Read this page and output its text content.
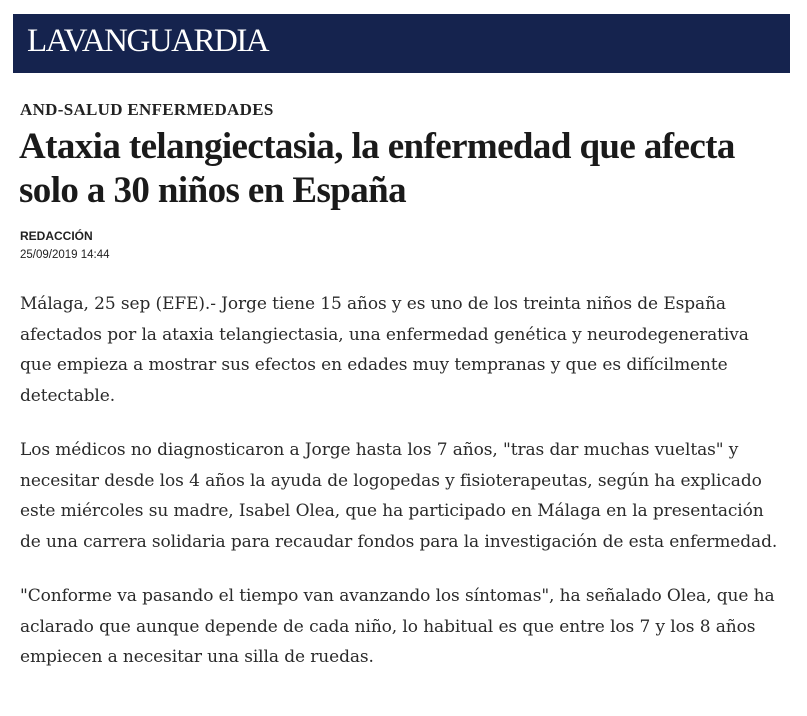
LAVANGUARDIA
AND-SALUD ENFERMEDADES
Ataxia telangiectasia, la enfermedad que afecta solo a 30 niños en España
REDACCIÓN
25/09/2019 14:44

Málaga, 25 sep (EFE).- Jorge tiene 15 años y es uno de los treinta niños de España afectados por la ataxia telangiectasia, una enfermedad genética y neurodegenerativa que empieza a mostrar sus efectos en edades muy tempranas y que es difícilmente detectable.

Los médicos no diagnosticaron a Jorge hasta los 7 años, "tras dar muchas vueltas" y necesitar desde los 4 años la ayuda de logopedas y fisioterapeutas, según ha explicado este miércoles su madre, Isabel Olea, que ha participado en Málaga en la presentación de una carrera solidaria para recaudar fondos para la investigación de esta enfermedad.

"Conforme va pasando el tiempo van avanzando los síntomas", ha señalado Olea, que ha aclarado que aunque depende de cada niño, lo habitual es que entre los 7 y los 8 años empiecen a necesitar una silla de ruedas.
